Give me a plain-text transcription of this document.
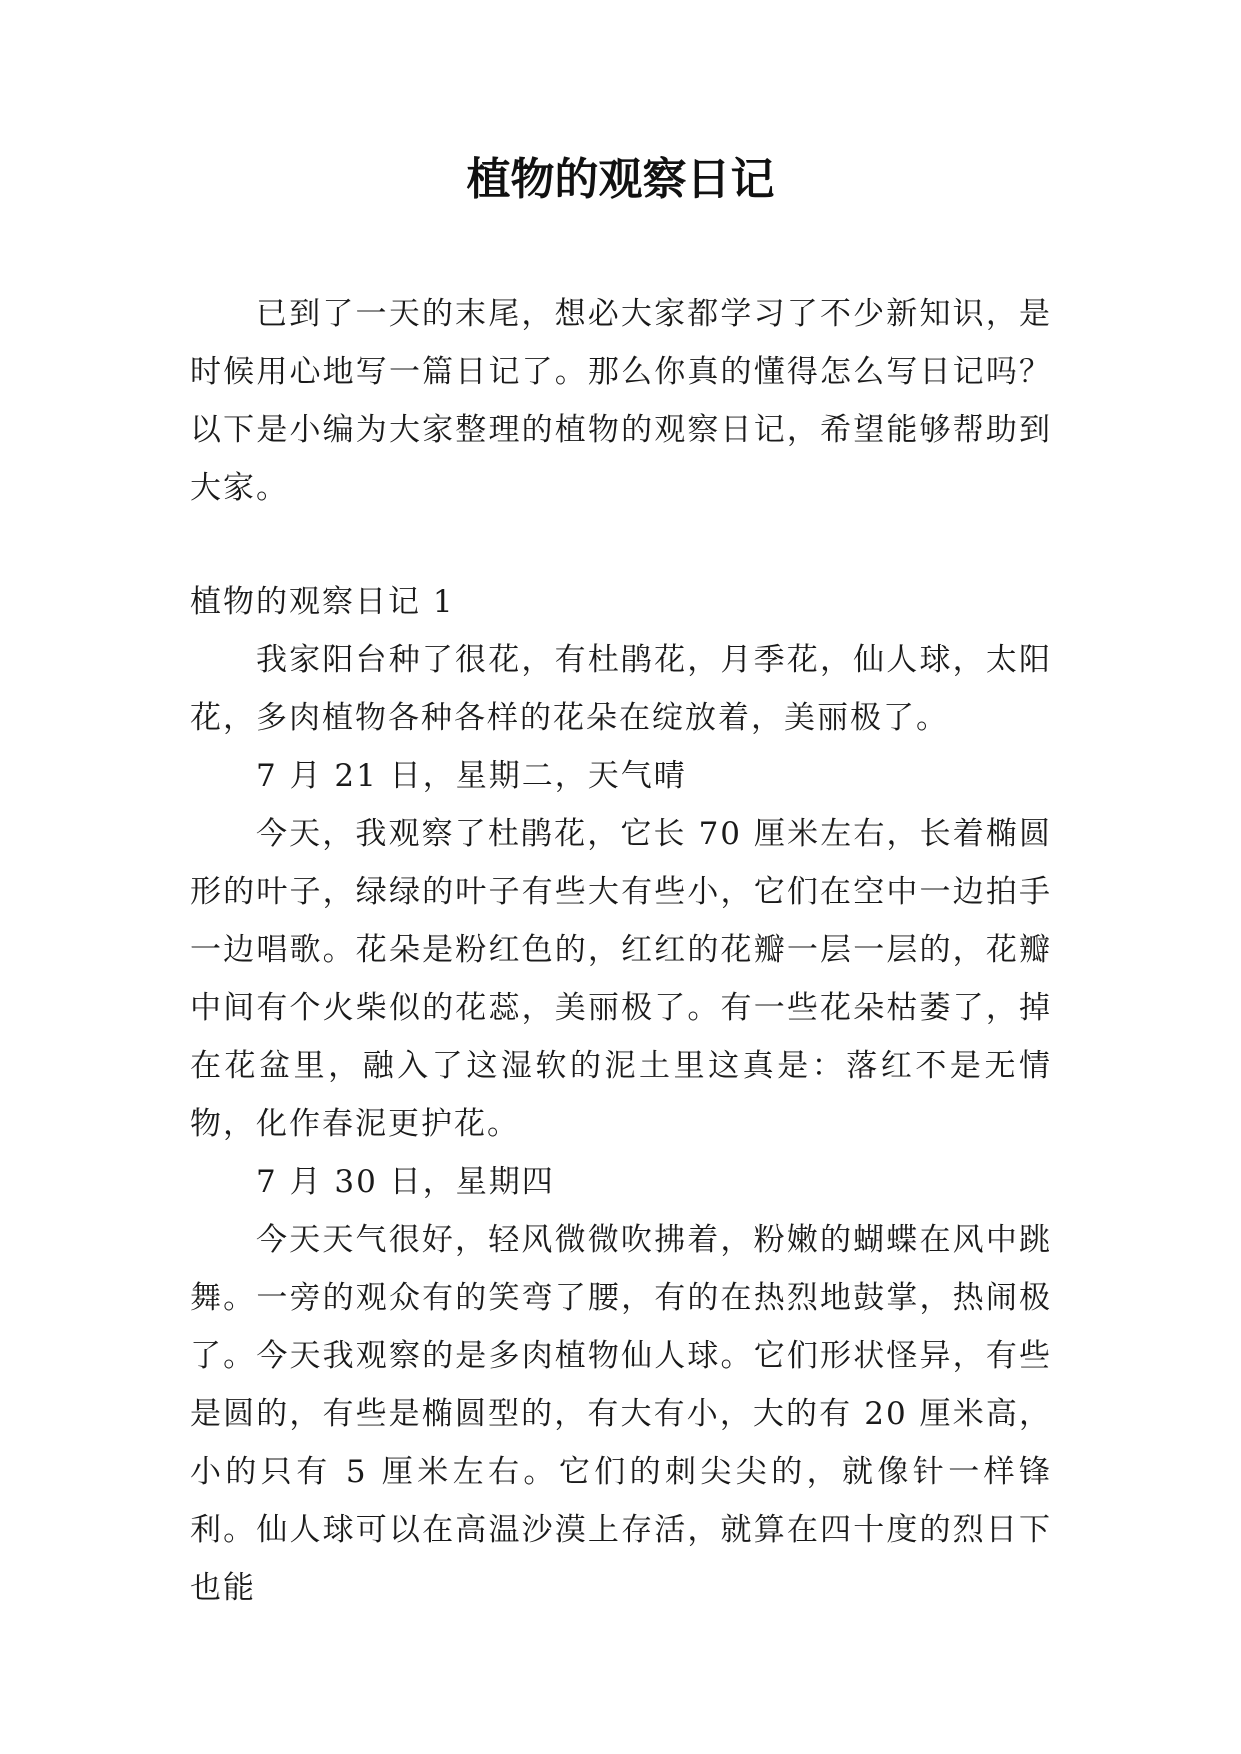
植物的观察日记

已到了一天的末尾，想必大家都学习了不少新知识，是时候用心地写一篇日记了。那么你真的懂得怎么写日记吗？以下是小编为大家整理的植物的观察日记，希望能够帮助到大家。

植物的观察日记 1

我家阳台种了很花，有杜鹃花，月季花，仙人球，太阳花，多肉植物各种各样的花朵在绽放着，美丽极了。

7 月 21 日，星期二，天气晴

今天，我观察了杜鹃花，它长 70 厘米左右，长着椭圆形的叶子，绿绿的叶子有些大有些小，它们在空中一边拍手一边唱歌。花朵是粉红色的，红红的花瓣一层一层的，花瓣中间有个火柴似的花蕊，美丽极了。有一些花朵枯萎了，掉在花盆里，融入了这湿软的泥土里这真是：落红不是无情物，化作春泥更护花。

7 月 30 日，星期四

今天天气很好，轻风微微吹拂着，粉嫩的蝴蝶在风中跳舞。一旁的观众有的笑弯了腰，有的在热烈地鼓掌，热闹极了。今天我观察的是多肉植物仙人球。它们形状怪异，有些是圆的，有些是椭圆型的，有大有小，大的有 20 厘米高，小的只有 5 厘米左右。它们的刺尖尖的，就像针一样锋利。仙人球可以在高温沙漠上存活，就算在四十度的烈日下也能
